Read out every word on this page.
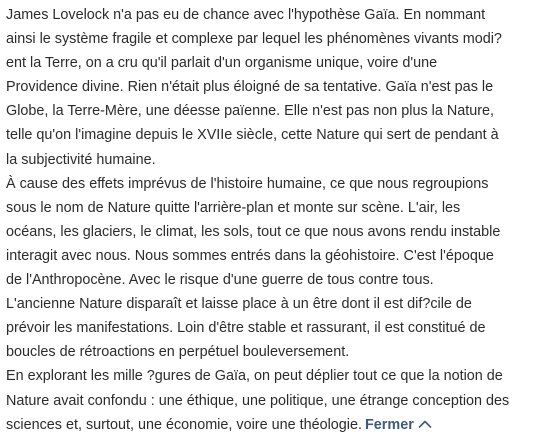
James Lovelock n'a pas eu de chance avec l'hypothèse Gaïa. En nommant
ainsi le système fragile et complexe par lequel les phénomènes vivants modi?
ent la Terre, on a cru qu'il parlait d'un organisme unique, voire d'une
Providence divine. Rien n'était plus éloigné de sa tentative. Gaïa n'est pas le
Globe, la Terre-Mère, une déesse païenne. Elle n'est pas non plus la Nature,
telle qu'on l'imagine depuis le XVIIe siècle, cette Nature qui sert de pendant à
la subjectivité humaine.
À cause des effets imprévus de l'histoire humaine, ce que nous regroupions
sous le nom de Nature quitte l'arrière-plan et monte sur scène. L'air, les
océans, les glaciers, le climat, les sols, tout ce que nous avons rendu instable
interagit avec nous. Nous sommes entrés dans la géohistoire. C'est l'époque
de l'Anthropocène. Avec le risque d'une guerre de tous contre tous.
L'ancienne Nature disparaît et laisse place à un être dont il est dif?cile de
prévoir les manifestations. Loin d'être stable et rassurant, il est constitué de
boucles de rétroactions en perpétuel bouleversement.
En explorant les mille ?gures de Gaïa, on peut déplier tout ce que la notion de
Nature avait confondu : une éthique, une politique, une étrange conception des
sciences et, surtout, une économie, voire une théologie. Fermer
